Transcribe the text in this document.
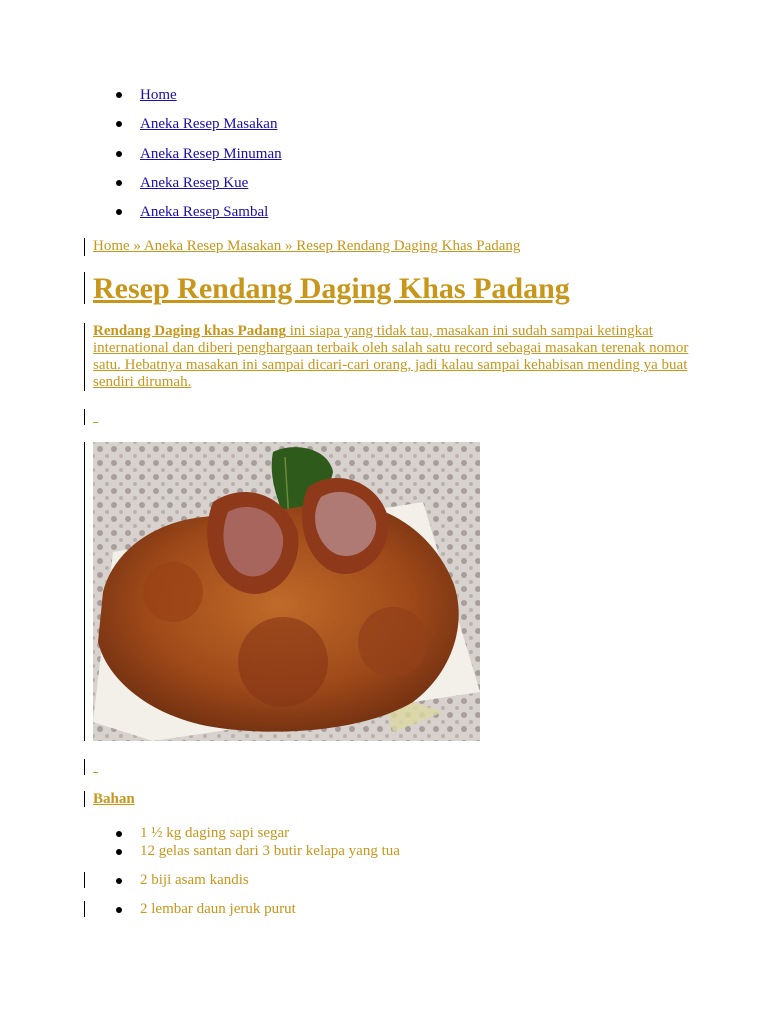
Home
Aneka Resep Masakan
Aneka Resep Minuman
Aneka Resep Kue
Aneka Resep Sambal
Home » Aneka Resep Masakan » Resep Rendang Daging Khas Padang
Resep Rendang Daging Khas Padang

Rendang Daging khas Padang ini siapa yang tidak tau, masakan ini sudah sampai ketingkat international dan diberi penghargaan terbaik oleh salah satu record sebagai masakan terenak nomor satu. Hebatnya masakan ini sampai dicari-cari orang, jadi kalau sampai kehabisan mending ya buat sendiri dirumah.

_
_
Bahan
1 ½ kg daging sapi segar
12 gelas santan dari 3 butir kelapa yang tua
2 biji asam kandis
2 lembar daun jeruk purut
